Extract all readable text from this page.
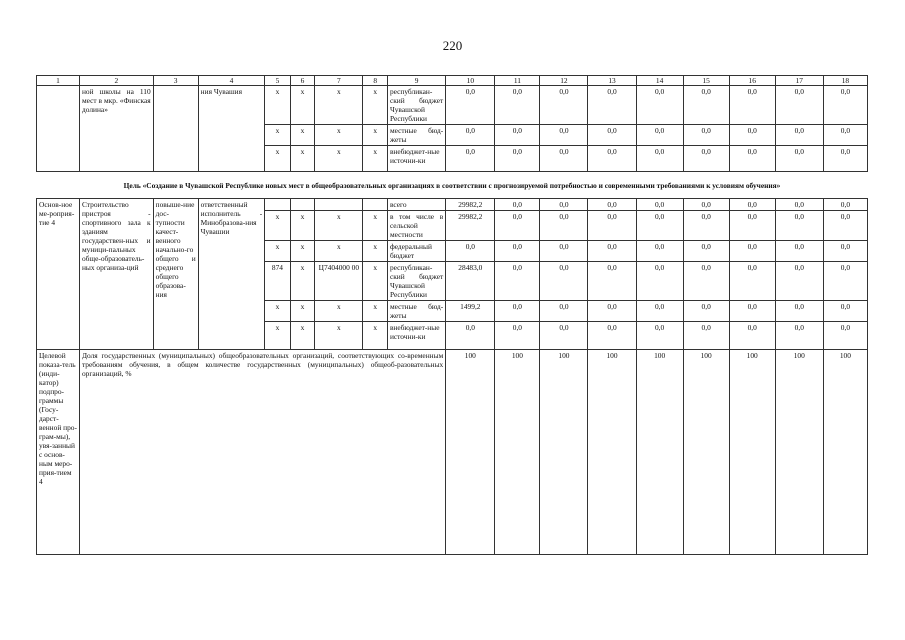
220
1	2	3	4	5	6	7	8	9	10	11	12	13	14	15	16	17	18
	ной школы на 110 мест в мкр. «Финская долина»		ния Чувашия	x	x	x	x	республикан-ский бюджет Чувашской Республики	0,0	0,0	0,0	0,0	0,0	0,0	0,0	0,0	0,0
				x	x	x	x	местные бюд-жеты	0,0	0,0	0,0	0,0	0,0	0,0	0,0	0,0	0,0
				x	x	x	x	внебюджет-ные источни-ки	0,0	0,0	0,0	0,0	0,0	0,0	0,0	0,0	0,0
Цель «Создание в Чувашской Республике новых мест в общеобразовательных организациях в соответствии с прогнозируемой потребностью и современными требованиями к условиям обучения»																	
Основ-ное ме-роприя-тие 4	Строительство пристроя - спортивного зала к зданиям государствен-ных и муници-пальных обще-образователь-ных организа-ций	повыше-ние дос-тупности качест-венного начально-го общего и среднего общего образова-ния	ответственный исполнитель - Минобразова-ния Чувашии					всего	29982,2	0,0	0,0	0,0	0,0	0,0	0,0	0,0	0,0
				x	x	x	x	в том числе в сельской местности	29982,2	0,0	0,0	0,0	0,0	0,0	0,0	0,0	0,0
				x	x	x	x	федеральный бюджет	0,0	0,0	0,0	0,0	0,0	0,0	0,0	0,0	0,0
				874	x	Ц7404000 00	x	республикан-ский бюджет Чувашской Республики	28483,0	0,0	0,0	0,0	0,0	0,0	0,0	0,0	0,0
				x	x	x	x	местные бюд-жеты	1499,2	0,0	0,0	0,0	0,0	0,0	0,0	0,0	0,0
				x	x	x	x	внебюджет-ные источни-ки	0,0	0,0	0,0	0,0	0,0	0,0	0,0	0,0	0,0
Целевой показа-тель (инди-катор) подпро-граммы (Госу-дарст-венной про-грам-мы), увя-занный с основ-ным меро-прия-тием 4	Доля государственных (муниципальных) общеобразовательных организаций, соответствующих со-временным требованиям обучения, в общем количестве государственных (муниципальных) общеоб-разовательных организаций, %								100	100	100	100	100	100	100	100	100
